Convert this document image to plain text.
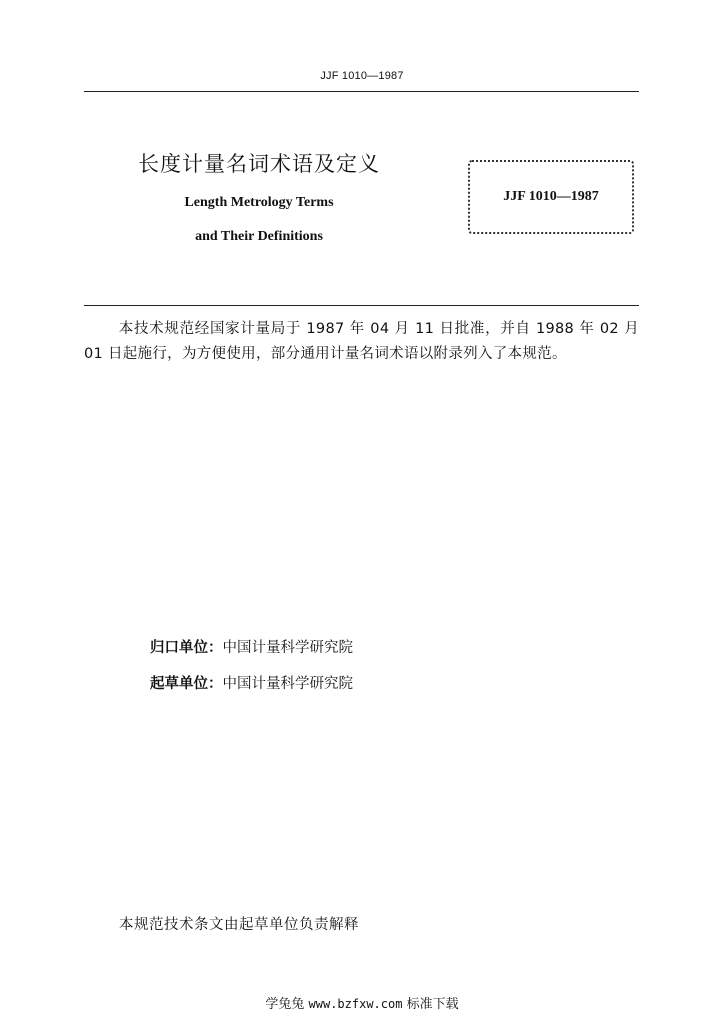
JJF 1010—1987
长度计量名词术语及定义
Length Metrology Terms
and Their Definitions
JJF 1010—1987
本技术规范经国家计量局于 1987 年 04 月 11 日批准，并自 1988 年 02 月 01 日起施行，为方便使用，部分通用计量名词术语以附录列入了本规范。
归口单位：中国计量科学研究院
起草单位：中国计量科学研究院
本规范技术条文由起草单位负责解释
学兔兔 www.bzfxw.com 标准下载
